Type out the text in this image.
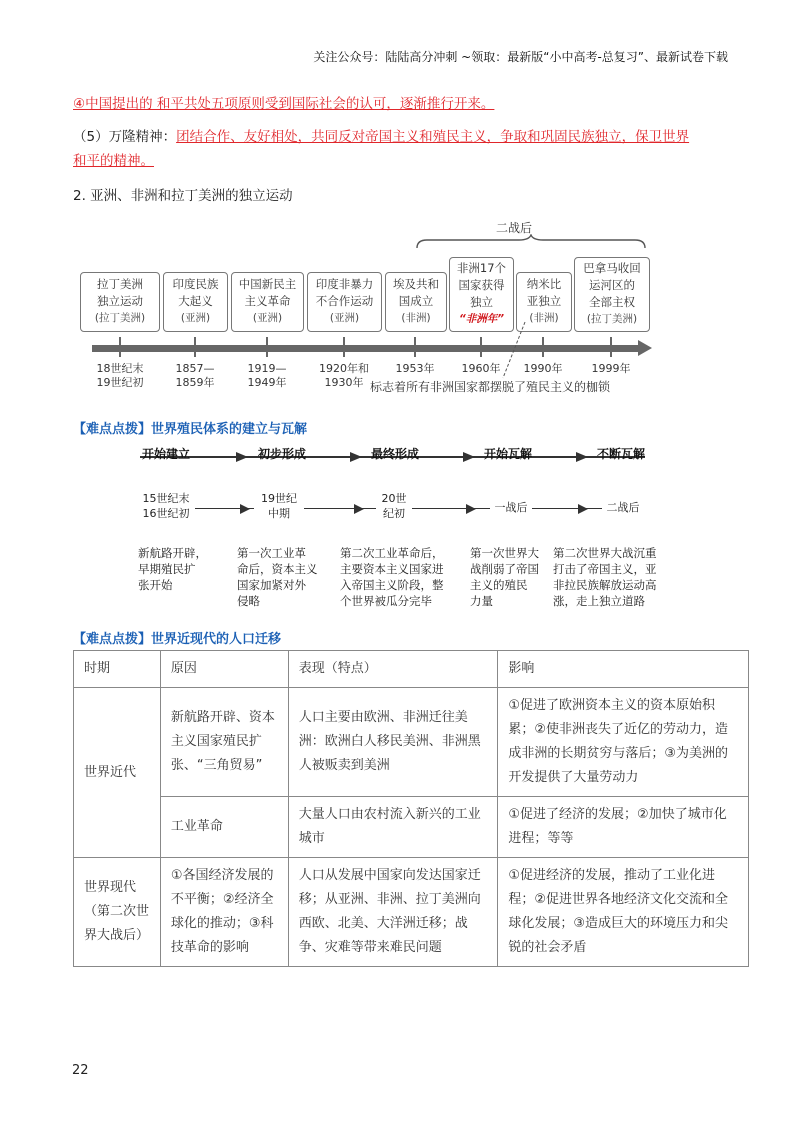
关注公众号：陆陆高分冲刺 ~领取：最新版“小中高考-总复习”、最新试卷下载
④中国提出的 和平共处五项原则受到国际社会的认可，逐渐推行开来。
（5）万隆精神：团结合作、友好相处，共同反对帝国主义和殖民主义，争取和巩固民族独立，保卫世界
和平的精神。
2. 亚洲、非洲和拉丁美洲的独立运动
二战后
拉丁美洲
独立运动
(拉丁美洲)
印度民族
大起义
(亚洲)
中国新民主
主义革命
(亚洲)
印度非暴力
不合作运动
(亚洲)
埃及共和
国成立
(非洲)
非洲17个
国家获得
独立
“非洲年”
纳米比
亚独立
(非洲)
巴拿马收回
运河区的
全部主权
(拉丁美洲)
18世纪末
19世纪初
1857—
1859年
1919—
1949年
1920年和
1930年
1953年	1960年	1990年	1999年
标志着所有非洲国家都摆脱了殖民主义的枷锁
【难点点拨】世界殖民体系的建立与瓦解
开始建立	初步形成	最终形成	开始瓦解	不断瓦解
15世纪末
16世纪初
19世纪
中期
20世
纪初	一战后	二战后
新航路开辟，
早期殖民扩
张开始
第一次工业革
命后，资本主义
国家加紧对外
侵略
第二次工业革命后，
主要资本主义国家进
入帝国主义阶段，整
个世界被瓜分完毕
第一次世界大
战削弱了帝国
主义的殖民
力量
第二次世界大战沉重
打击了帝国主义，亚
非拉民族解放运动高
涨，走上独立道路
【难点点拨】世界近现代的人口迁移
时期	原因	表现（特点）	影响
世界近代	新航路开辟、资本主义国家殖民扩张、“三角贸易”	人口主要由欧洲、非洲迁往美洲：欧洲白人移民美洲、非洲黑人被贩卖到美洲	①促进了欧洲资本主义的资本原始积累；②使非洲丧失了近亿的劳动力，造成非洲的长期贫穷与落后；③为美洲的开发提供了大量劳动力
	工业革命	大量人口由农村流入新兴的工业城市	①促进了经济的发展；②加快了城市化进程；等等
世界现代（第二次世界大战后）	①各国经济发展的不平衡；②经济全球化的推动；③科技革命的影响	人口从发展中国家向发达国家迁移；从亚洲、非洲、拉丁美洲向西欧、北美、大洋洲迁移；战争、灾难等带来难民问题	①促进经济的发展，推动了工业化进程；②促进世界各地经济文化交流和全球化发展；③造成巨大的环境压力和尖锐的社会矛盾
22
